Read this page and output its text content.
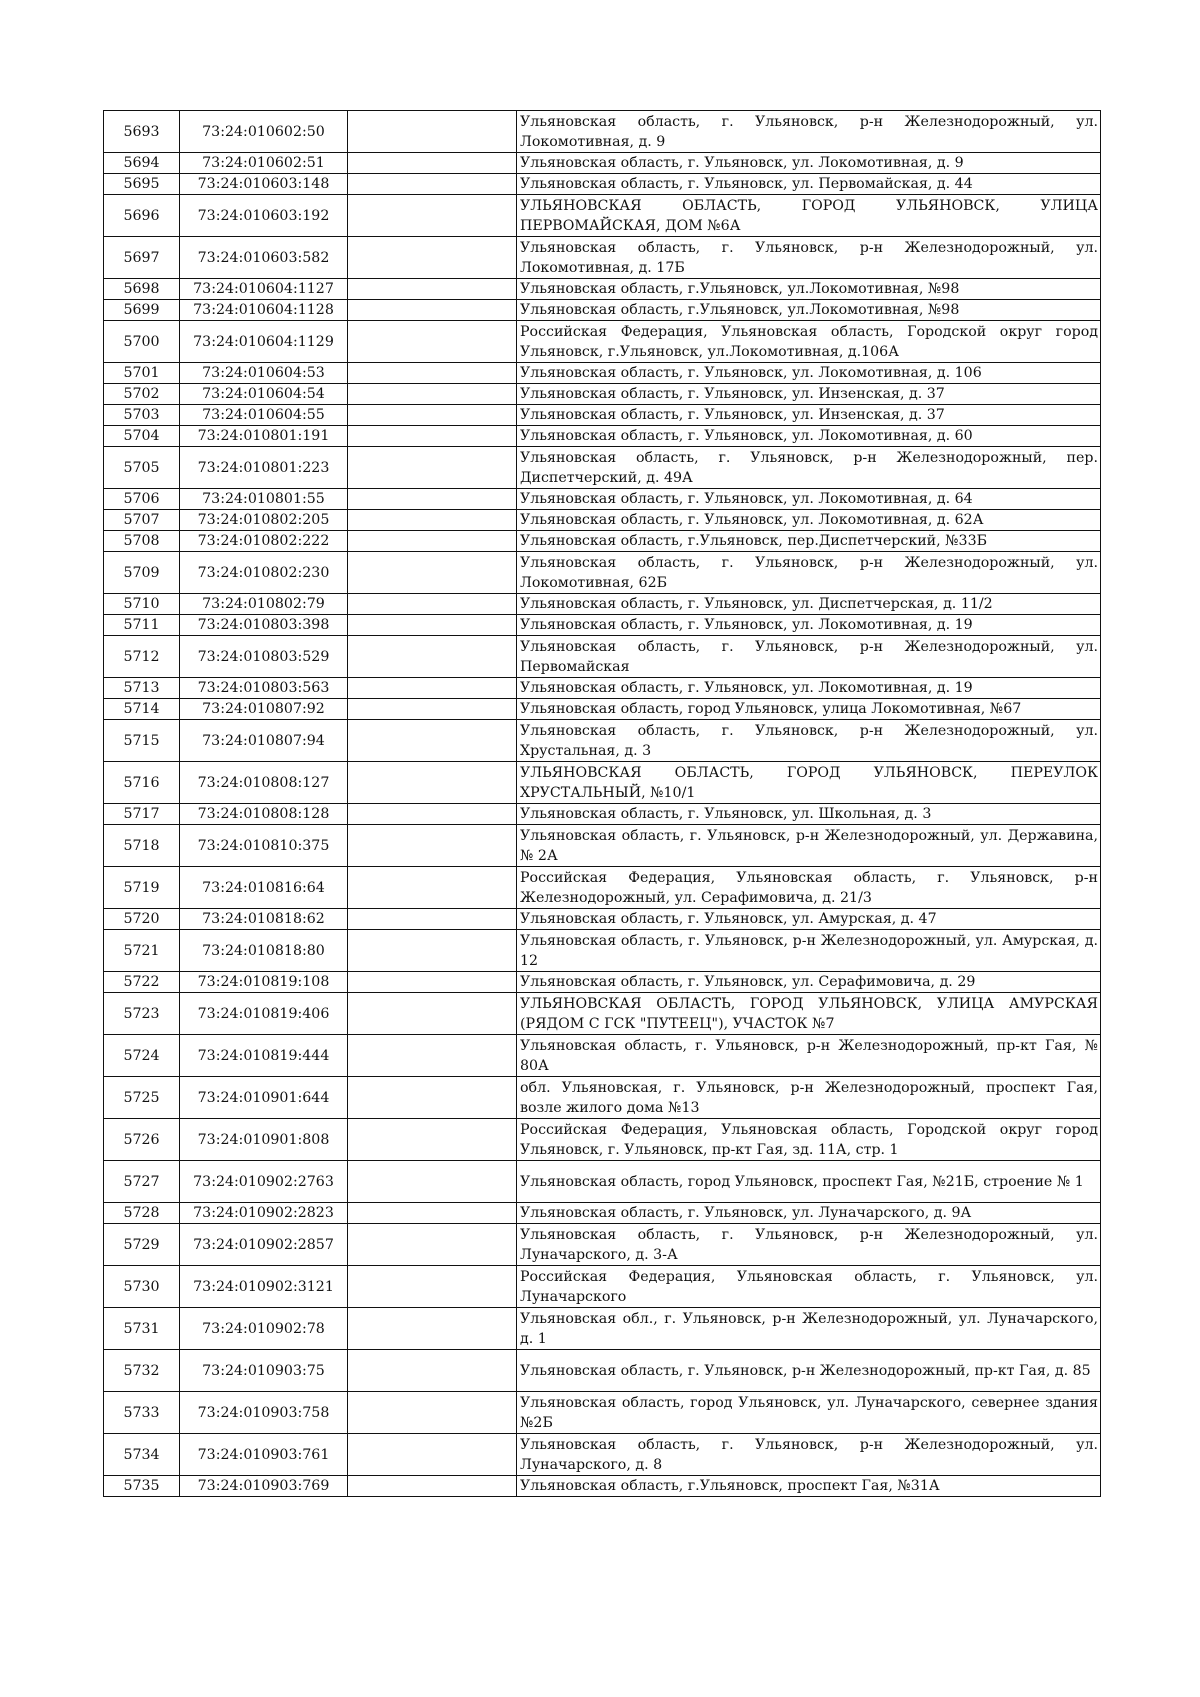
5693	73:24:010602:50		Ульяновская область, г. Ульяновск, р-н Железнодорожный, ул. Локомотивная, д. 9
5694	73:24:010602:51		Ульяновская область, г. Ульяновск, ул. Локомотивная, д. 9
5695	73:24:010603:148		Ульяновская область, г. Ульяновск, ул. Первомайская, д. 44
5696	73:24:010603:192		УЛЬЯНОВСКАЯ ОБЛАСТЬ, ГОРОД УЛЬЯНОВСК, УЛИЦА ПЕРВОМАЙСКАЯ, ДОМ №6А
5697	73:24:010603:582		Ульяновская область, г. Ульяновск, р-н Железнодорожный, ул. Локомотивная, д. 17Б
5698	73:24:010604:1127		Ульяновская область, г.Ульяновск, ул.Локомотивная, №98
5699	73:24:010604:1128		Ульяновская область, г.Ульяновск, ул.Локомотивная, №98
5700	73:24:010604:1129		Российская Федерация, Ульяновская область, Городской округ город Ульяновск, г.Ульяновск, ул.Локомотивная, д.106А
5701	73:24:010604:53		Ульяновская область, г. Ульяновск, ул. Локомотивная, д. 106
5702	73:24:010604:54		Ульяновская область, г. Ульяновск, ул. Инзенская, д. 37
5703	73:24:010604:55		Ульяновская область, г. Ульяновск, ул. Инзенская, д. 37
5704	73:24:010801:191		Ульяновская область, г. Ульяновск, ул. Локомотивная, д. 60
5705	73:24:010801:223		Ульяновская область, г. Ульяновск, р-н Железнодорожный, пер. Диспетчерский, д. 49А
5706	73:24:010801:55		Ульяновская область, г. Ульяновск, ул. Локомотивная, д. 64
5707	73:24:010802:205		Ульяновская область, г. Ульяновск, ул. Локомотивная, д. 62А
5708	73:24:010802:222		Ульяновская область, г.Ульяновск, пер.Диспетчерский, №33Б
5709	73:24:010802:230		Ульяновская область, г. Ульяновск, р-н Железнодорожный, ул. Локомотивная, 62Б
5710	73:24:010802:79		Ульяновская область, г. Ульяновск, ул. Диспетчерская, д. 11/2
5711	73:24:010803:398		Ульяновская область, г. Ульяновск, ул. Локомотивная, д. 19
5712	73:24:010803:529		Ульяновская область, г. Ульяновск, р-н Железнодорожный, ул. Первомайская
5713	73:24:010803:563		Ульяновская область, г. Ульяновск, ул. Локомотивная, д. 19
5714	73:24:010807:92		Ульяновская область, город Ульяновск, улица Локомотивная, №67
5715	73:24:010807:94		Ульяновская область, г. Ульяновск, р-н Железнодорожный, ул. Хрустальная, д. 3
5716	73:24:010808:127		УЛЬЯНОВСКАЯ ОБЛАСТЬ, ГОРОД УЛЬЯНОВСК, ПЕРЕУЛОК ХРУСТАЛЬНЫЙ, №10/1
5717	73:24:010808:128		Ульяновская область, г. Ульяновск, ул. Школьная, д. 3
5718	73:24:010810:375		Ульяновская область, г. Ульяновск, р-н Железнодорожный, ул. Державина, № 2А
5719	73:24:010816:64		Российская Федерация, Ульяновская область, г. Ульяновск, р-н Железнодорожный, ул. Серафимовича, д. 21/3
5720	73:24:010818:62		Ульяновская область, г. Ульяновск, ул. Амурская, д. 47
5721	73:24:010818:80		Ульяновская область, г. Ульяновск, р-н Железнодорожный, ул. Амурская, д. 12
5722	73:24:010819:108		Ульяновская область, г. Ульяновск, ул. Серафимовича, д. 29
5723	73:24:010819:406		УЛЬЯНОВСКАЯ ОБЛАСТЬ, ГОРОД УЛЬЯНОВСК, УЛИЦА АМУРСКАЯ (РЯДОМ С ГСК "ПУТЕЕЦ"), УЧАСТОК №7
5724	73:24:010819:444		Ульяновская область, г. Ульяновск, р-н Железнодорожный, пр-кт Гая, № 80А
5725	73:24:010901:644		обл. Ульяновская, г. Ульяновск, р-н Железнодорожный, проспект Гая, возле жилого дома №13
5726	73:24:010901:808		Российская Федерация, Ульяновская область, Городской округ город Ульяновск, г. Ульяновск, пр-кт Гая, зд. 11А, стр. 1
5727	73:24:010902:2763		Ульяновская область, город Ульяновск, проспект Гая, №21Б, строение № 1
5728	73:24:010902:2823		Ульяновская область, г. Ульяновск, ул. Луначарского, д. 9А
5729	73:24:010902:2857		Ульяновская область, г. Ульяновск, р-н Железнодорожный, ул. Луначарского, д. 3-А
5730	73:24:010902:3121		Российская Федерация, Ульяновская область, г. Ульяновск, ул. Луначарского
5731	73:24:010902:78		Ульяновская обл., г. Ульяновск, р-н Железнодорожный, ул. Луначарского, д. 1
5732	73:24:010903:75		Ульяновская область, г. Ульяновск, р-н Железнодорожный, пр-кт Гая, д. 85
5733	73:24:010903:758		Ульяновская область, город Ульяновск, ул. Луначарского, севернее здания №2Б
5734	73:24:010903:761		Ульяновская область, г. Ульяновск, р-н Железнодорожный, ул. Луначарского, д. 8
5735	73:24:010903:769		Ульяновская область, г.Ульяновск, проспект Гая, №31А
